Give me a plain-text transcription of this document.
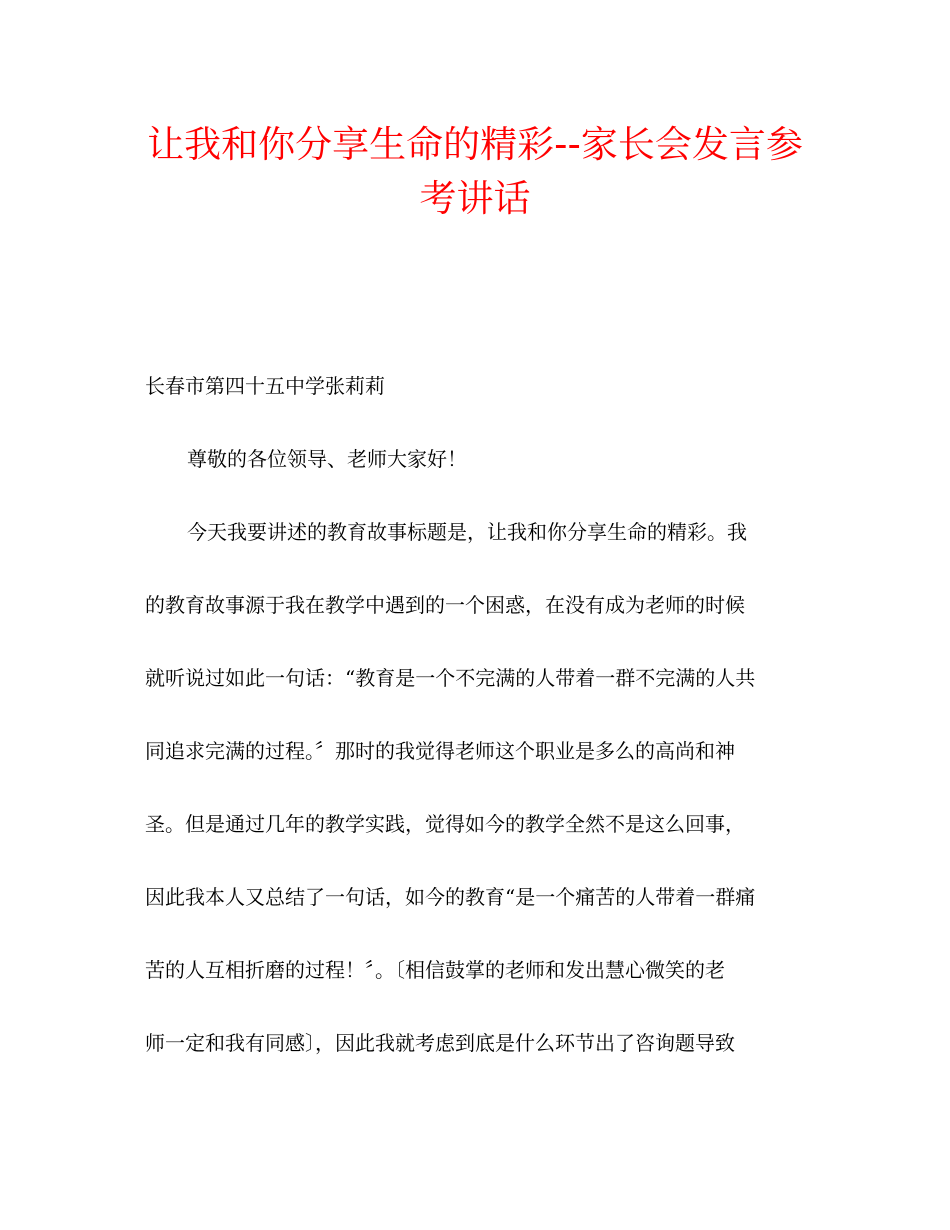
让我和你分享生命的精彩--家长会发言参考讲话

长春市第四十五中学张莉莉

尊敬的各位领导、老师大家好！

今天我要讲述的教育故事标题是，让我和你分享生命的精彩。我

的教育故事源于我在教学中遇到的一个困惑，在没有成为老师的时候

就听说过如此一句话：“教育是一个不完满的人带着一群不完满的人共

同追求完满的过程。〞那时的我觉得老师这个职业是多么的高尚和神

圣。但是通过几年的教学实践，觉得如今的教学全然不是这么回事，

因此我本人又总结了一句话，如今的教育“是一个痛苦的人带着一群痛

苦的人互相折磨的过程！〞。〔相信鼓掌的老师和发出慧心微笑的老

师一定和我有同感〕，因此我就考虑到底是什么环节出了咨询题导致
